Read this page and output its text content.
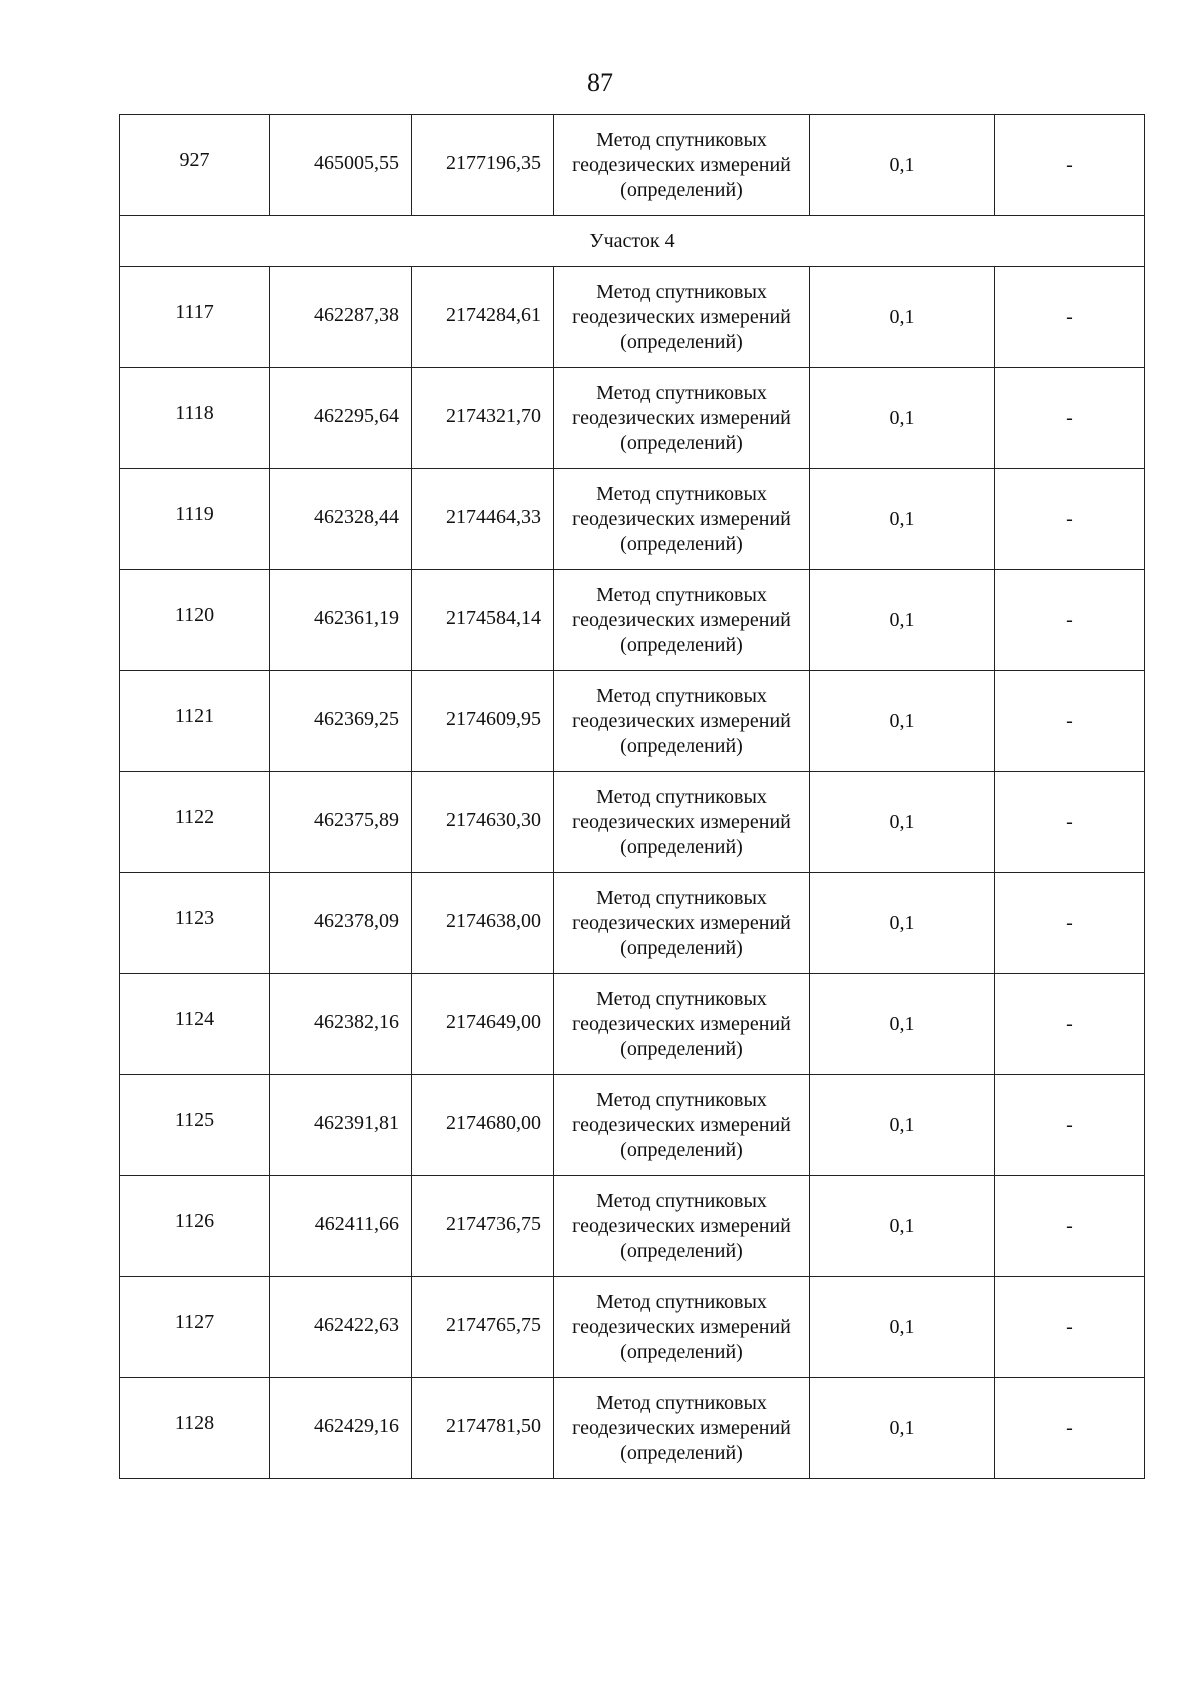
87
927	465005,55	2177196,35	Метод спутниковых
геодезических измерений
(определений)	0,1	-
Участок 4					
1117	462287,38	2174284,61	Метод спутниковых
геодезических измерений
(определений)	0,1	-
1118	462295,64	2174321,70	Метод спутниковых
геодезических измерений
(определений)	0,1	-
1119	462328,44	2174464,33	Метод спутниковых
геодезических измерений
(определений)	0,1	-
1120	462361,19	2174584,14	Метод спутниковых
геодезических измерений
(определений)	0,1	-
1121	462369,25	2174609,95	Метод спутниковых
геодезических измерений
(определений)	0,1	-
1122	462375,89	2174630,30	Метод спутниковых
геодезических измерений
(определений)	0,1	-
1123	462378,09	2174638,00	Метод спутниковых
геодезических измерений
(определений)	0,1	-
1124	462382,16	2174649,00	Метод спутниковых
геодезических измерений
(определений)	0,1	-
1125	462391,81	2174680,00	Метод спутниковых
геодезических измерений
(определений)	0,1	-
1126	462411,66	2174736,75	Метод спутниковых
геодезических измерений
(определений)	0,1	-
1127	462422,63	2174765,75	Метод спутниковых
геодезических измерений
(определений)	0,1	-
1128	462429,16	2174781,50	Метод спутниковых
геодезических измерений
(определений)	0,1	-
